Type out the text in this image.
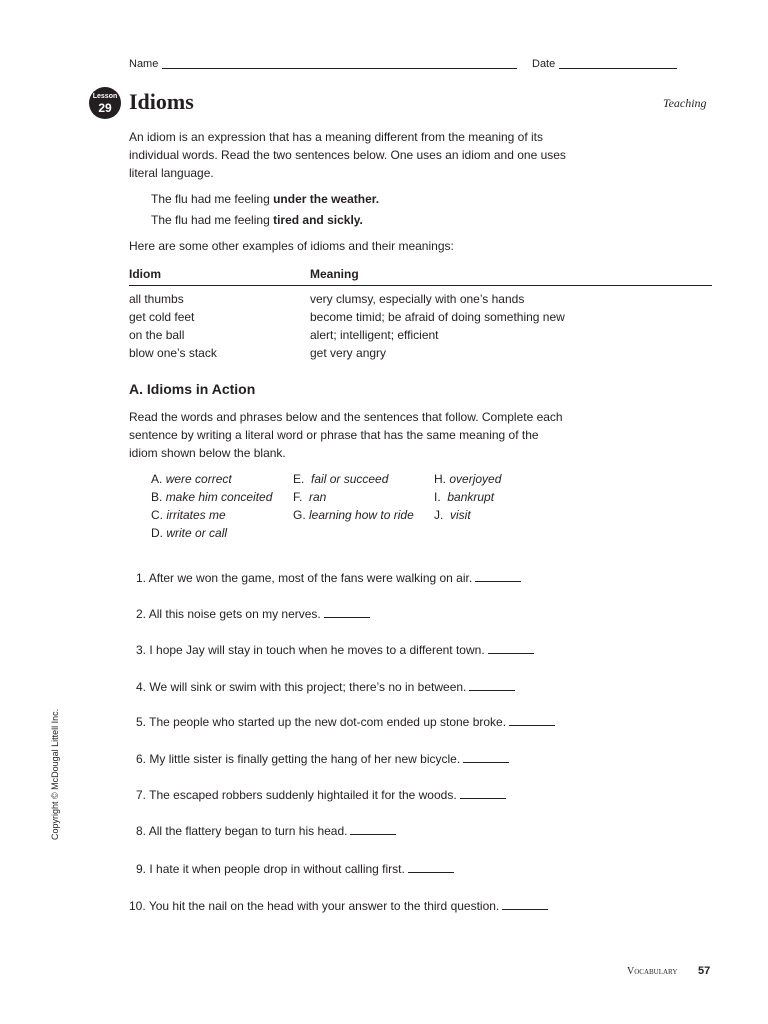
Name	Date
Lesson
29 Idioms	Teaching
An idiom is an expression that has a meaning different from the meaning of its
individual words. Read the two sentences below. One uses an idiom and one uses
literal language.
The flu had me feeling under the weather.
The flu had me feeling tired and sickly.
Here are some other examples of idioms and their meanings:
Idiom	Meaning
all thumbs	very clumsy, especially with one’s hands
get cold feet	become timid; be afraid of doing something new
on the ball	alert; intelligent; efficient
blow one’s stack	get very angry
A. Idioms in Action
Read the words and phrases below and the sentences that follow. Complete each
sentence by writing a literal word or phrase that has the same meaning of the
idiom shown below the blank.
A. were correct
B. make him conceited
C. irritates me
D. write or call
E. fail or succeed
F. ran
G. learning how to ride
H. overjoyed
I. bankrupt
J. visit
1. After we won the game, most of the fans were walking on air.
2. All this noise gets on my nerves.
3. I hope Jay will stay in touch when he moves to a different town.
4. We will sink or swim with this project; there’s no in between.
5. The people who started up the new dot-com ended up stone broke.
6. My little sister is finally getting the hang of her new bicycle.
7. The escaped robbers suddenly hightailed it for the woods.
8. All the flattery began to turn his head.
9. I hate it when people drop in without calling first.
10. You hit the nail on the head with your answer to the third question.
Copyright © McDougal Littell Inc.
Vocabulary 57
